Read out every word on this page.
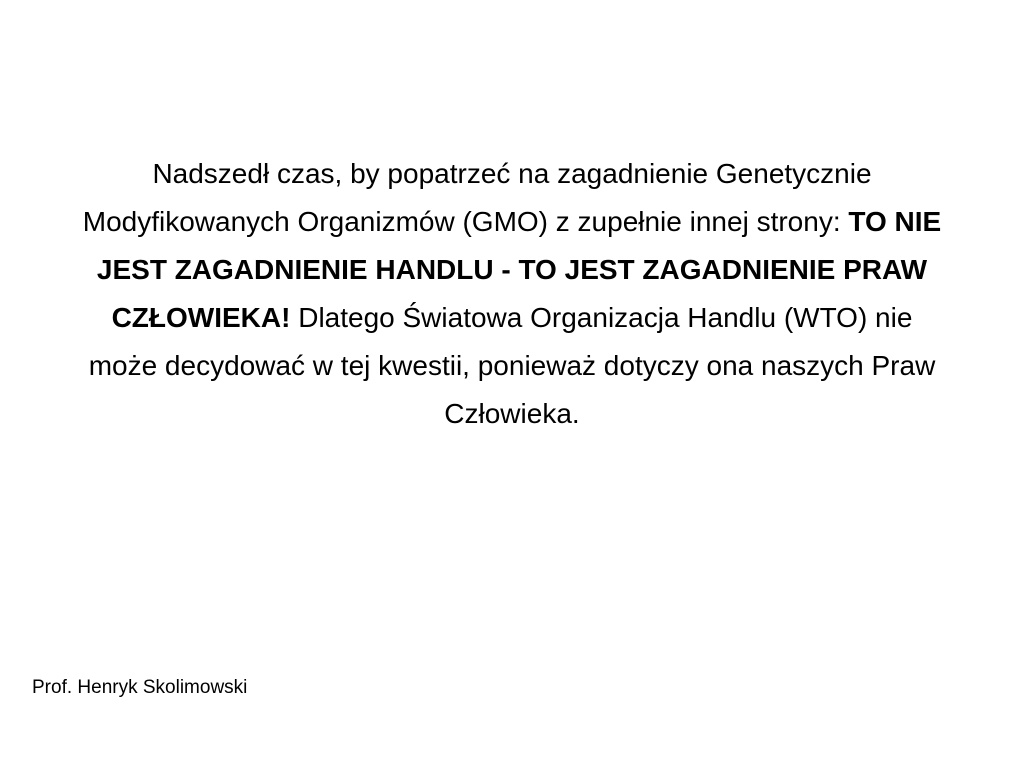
Nadszedł czas, by popatrzeć na zagadnienie Genetycznie Modyfikowanych Organizmów (GMO) z zupełnie innej strony: TO NIE JEST ZAGADNIENIE HANDLU - TO JEST ZAGADNIENIE PRAW CZŁOWIEKA! Dlatego Światowa Organizacja Handlu (WTO) nie może decydować w tej kwestii, ponieważ dotyczy ona naszych Praw Człowieka.

Prof. Henryk Skolimowski
